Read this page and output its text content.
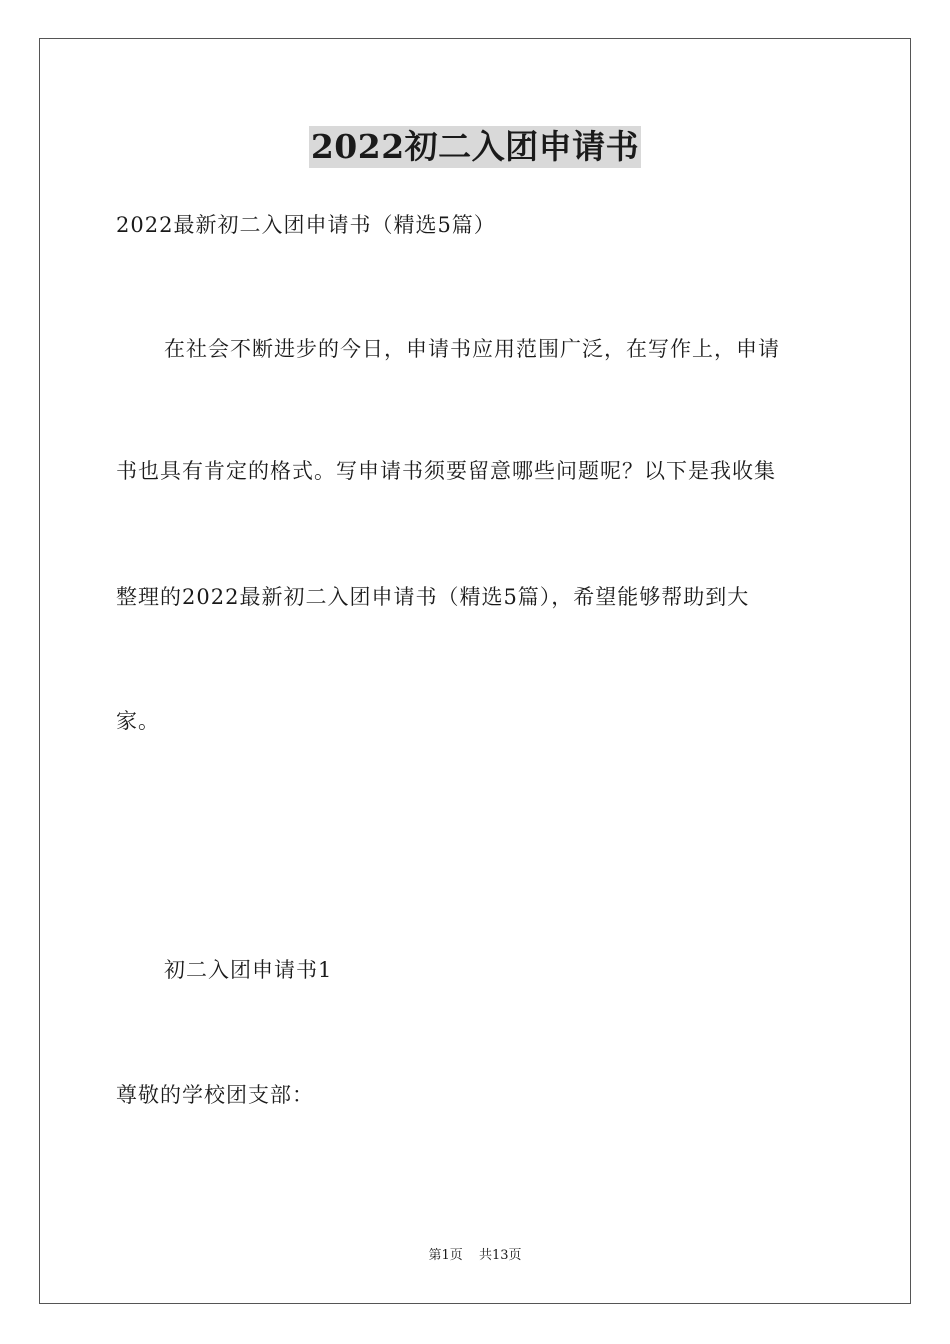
2022初二入团申请书
2022最新初二入团申请书（精选5篇）
在社会不断进步的今日，申请书应用范围广泛，在写作上，申请
书也具有肯定的格式。写申请书须要留意哪些问题呢？以下是我收集
整理的2022最新初二入团申请书（精选5篇），希望能够帮助到大
家。
初二入团申请书1
尊敬的学校团支部：
第1页 共13页
